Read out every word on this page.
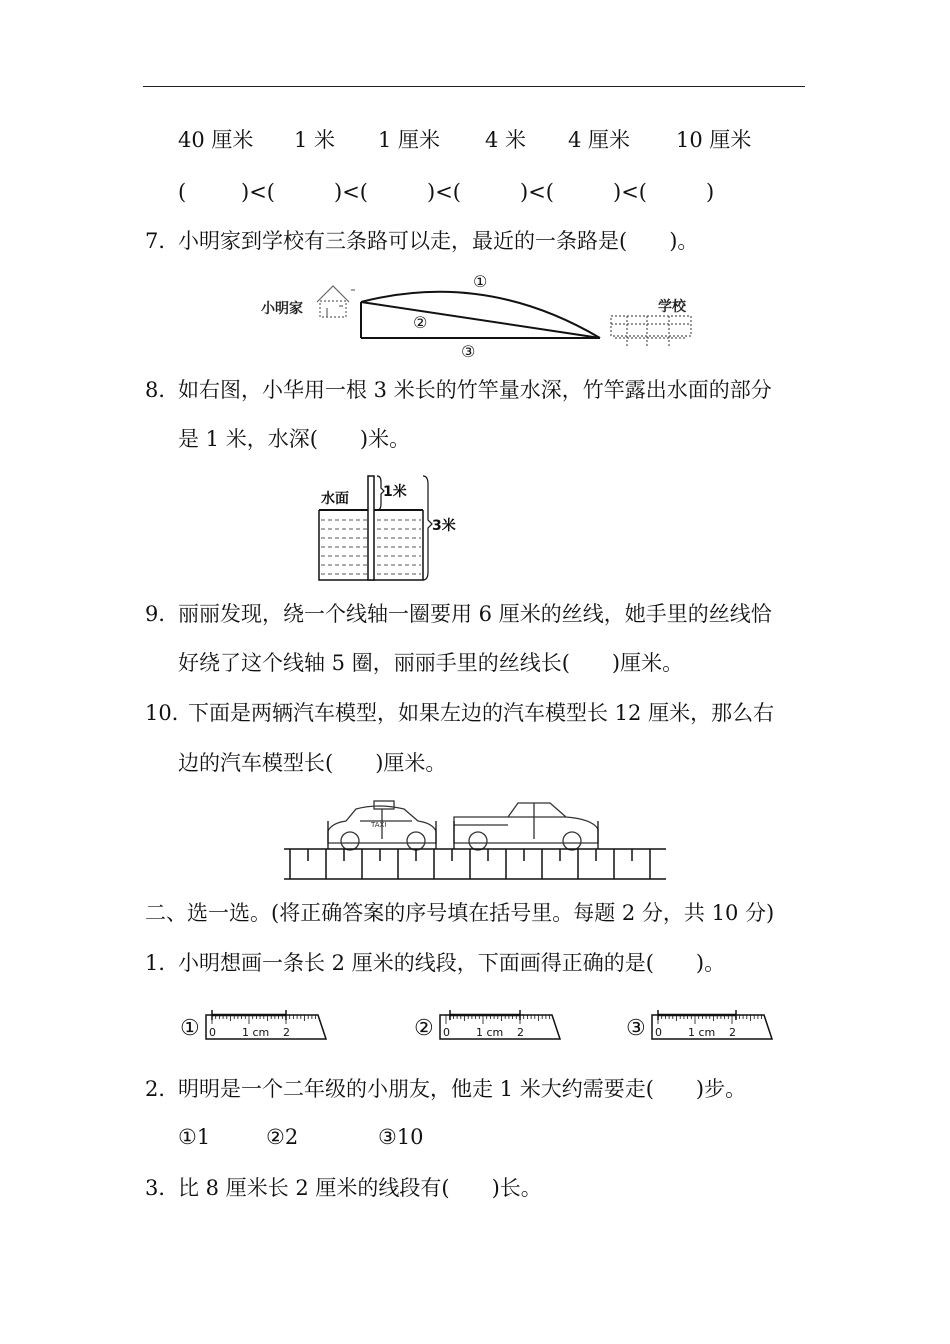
40 厘米 1 米 1 厘米 4 米 4 厘米 10 厘米
(	)<(	)<(	)<(	)<(	)<(	)
7．
小明家到学校有三条路可以走，最近的一条路是(　　)。
小明家
①
②
③
学校
8．
如右图，小华用一根 3 米长的竹竿量水深，竹竿露出水面的部分
是 1 米，水深(　　)米。
水面 1米
3米
9．
丽丽发现，绕一个线轴一圈要用 6 厘米的丝线，她手里的丝线恰
好绕了这个线轴 5 圈，丽丽手里的丝线长(　　)厘米。
10．
下面是两辆汽车模型，如果左边的汽车模型长 12 厘米，那么右
边的汽车模型长(　　)厘米。
TAXI
二、选一选。(将正确答案的序号填在括号里。每题 2 分，共 10 分)
1．
小明想画一条长 2 厘米的线段，下面画得正确的是(　　)。
① 0 1 cm 2	② 0 1 cm 2	③ 0 1 cm 2
2．
明明是一个二年级的小朋友，他走 1 米大约需要走(　　)步。
①1	②2	③10
3．
比 8 厘米长 2 厘米的线段有(　　)长。
